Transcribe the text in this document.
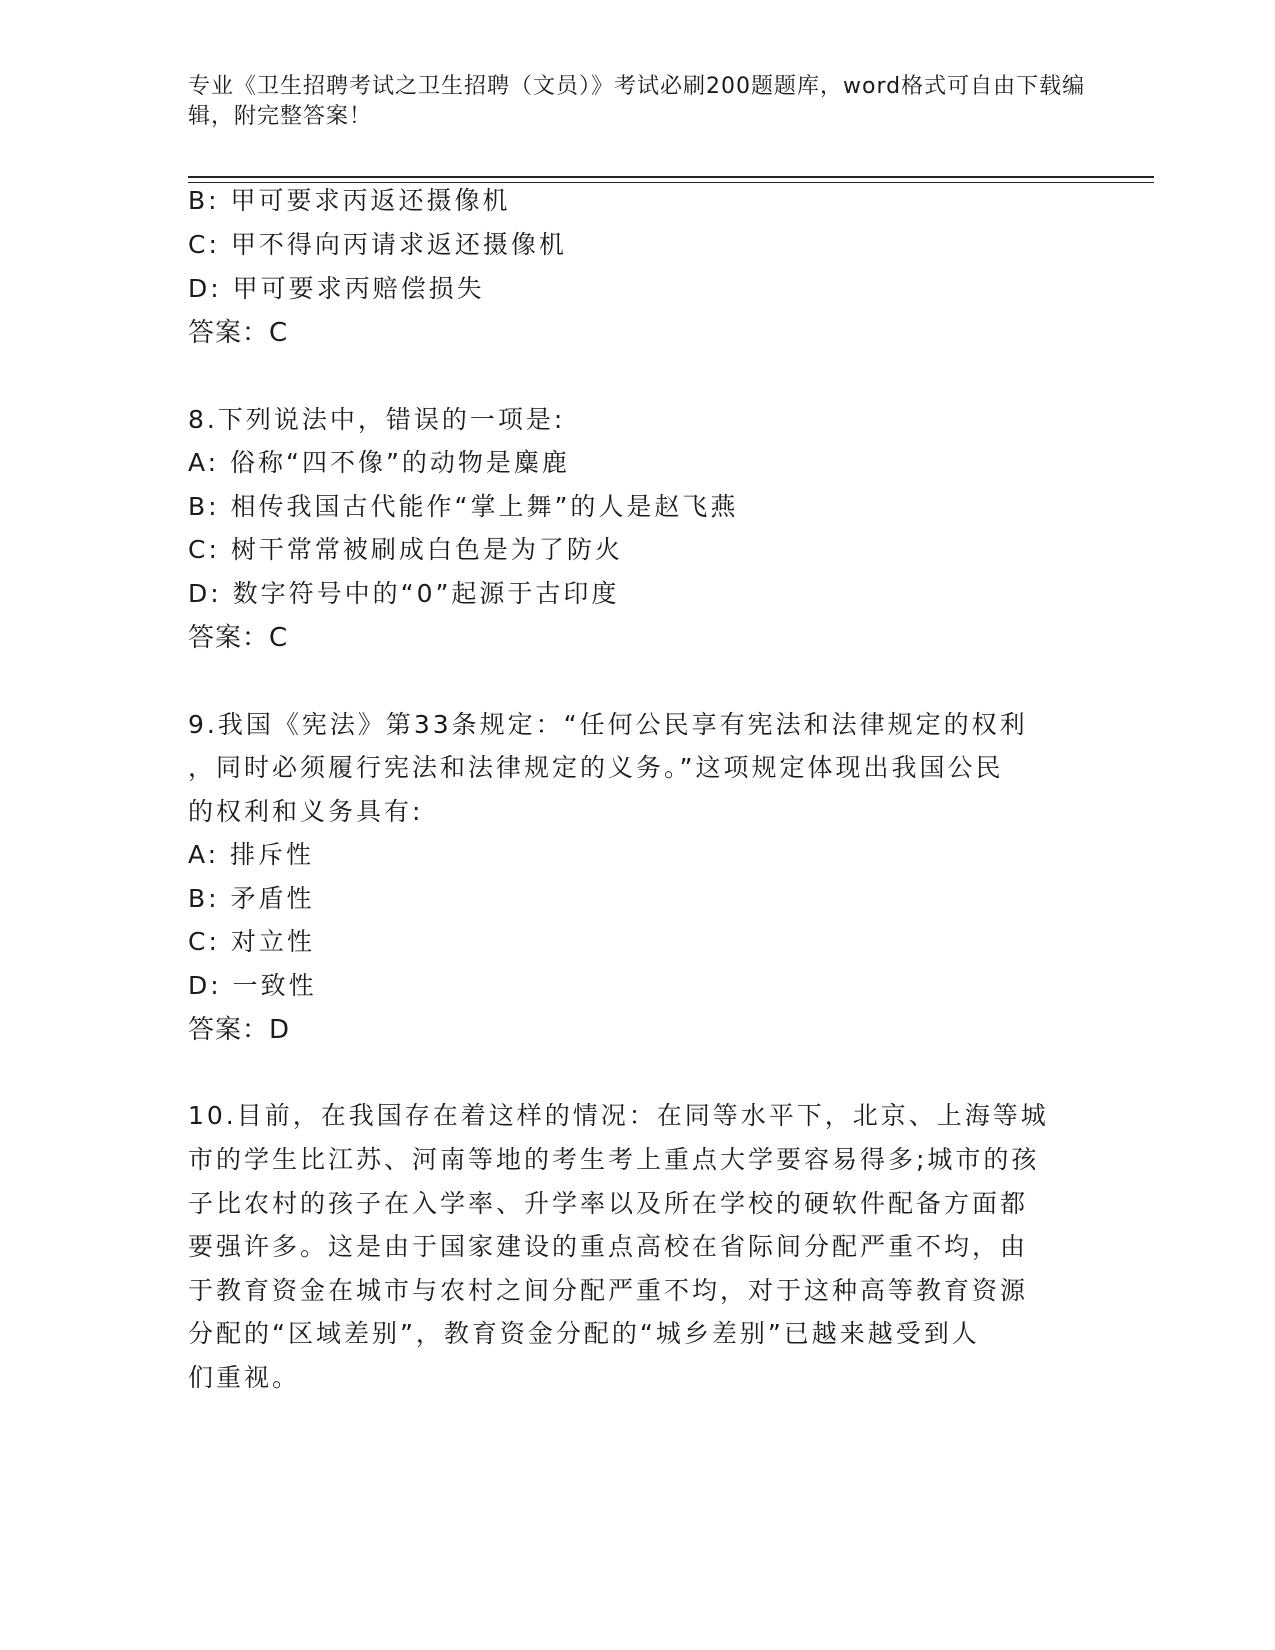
专业《卫生招聘考试之卫生招聘（文员）》考试必刷200题题库，word格式可自由下载编辑，附完整答案！

B: 甲可要求丙返还摄像机

C: 甲不得向丙请求返还摄像机

D: 甲可要求丙赔偿损失

答案：C

8.下列说法中，错误的一项是:

A: 俗称“四不像”的动物是麋鹿

B: 相传我国古代能作“掌上舞”的人是赵飞燕

C: 树干常常被刷成白色是为了防火

D: 数字符号中的“0”起源于古印度

答案：C

9.我国《宪法》第33条规定：“任何公民享有宪法和法律规定的权利

，同时必须履行宪法和法律规定的义务。”这项规定体现出我国公民

的权利和义务具有:

A: 排斥性

B: 矛盾性

C: 对立性

D: 一致性

答案：D

10.目前，在我国存在着这样的情况：在同等水平下，北京、上海等城

市的学生比江苏、河南等地的考生考上重点大学要容易得多;城市的孩

子比农村的孩子在入学率、升学率以及所在学校的硬软件配备方面都

要强许多。这是由于国家建设的重点高校在省际间分配严重不均，由

于教育资金在城市与农村之间分配严重不均，对于这种高等教育资源

分配的“区域差别”，教育资金分配的“城乡差别”已越来越受到人

们重视。
